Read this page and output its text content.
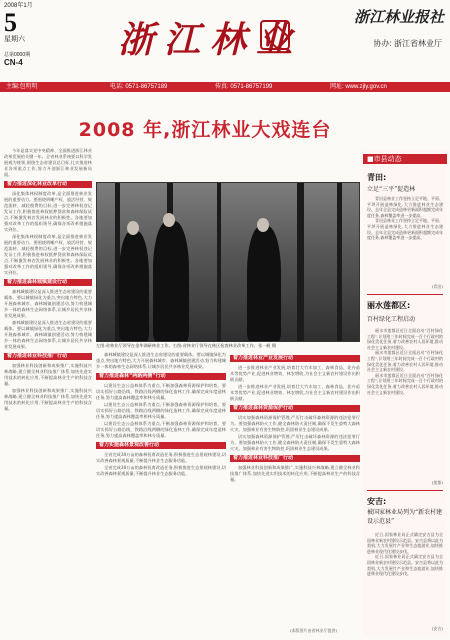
2008年1月
5
星期六
总第0000期
CN-4
浙江林业
浙江林业报社
协办: 浙江省林业厅
主编:包明明	电话: 0571-86757189	传真: 0571-86757199	网址: www.zjly.gov.cn
2008 年,浙江林业大戏连台

今年是落实党中央精神、全面推进浙江林业改革发展的关键一年。全省林业系统要以科学发展观为统领,围绕生态省建设总目标,扎实推进林业各项重点工作,努力开创浙江林业发展新局面。

着力推进深化林业改革行动

深化集体林权制度改革,是全面推进林业发展的重要动力。要围绕明晰产权、放活经营、规范流转、减轻税费的目标,进一步完善林权登记发证工作,积极推进林权抵押贷款和森林保险试点,不断激发林农发展林业的积极性。各地要加强对改革工作的组织领导,确保各项改革措施落实到位。

深化集体林权制度改革,是全面推进林业发展的重要动力。要围绕明晰产权、放活经营、规范流转、减轻税费的目标,进一步完善林权登记发证工作,积极推进林权抵押贷款和森林保险试点,不断激发林农发展林业的积极性。各地要加强对改革工作的组织领导,确保各项改革措施落实到位。

着力推进森林城镇建设行动

森林城镇建设是深入推进生态省建设的重要载体。要以城镇绿化为重点,突出地方特色,大力开展森林城市、森林城镇创建活动,努力构建城乡一体的森林生态网络体系,让城乡居民共享林业发展成果。

森林城镇建设是深入推进生态省建设的重要载体。要以城镇绿化为重点,突出地方特色,大力开展森林城市、森林城镇创建活动,努力构建城乡一体的森林生态网络体系,让城乡居民共享林业发展成果。

着力推进林业科技推广行动

加强林业科技创新和成果推广,实施科技兴林战略,建立健全林业科技推广体系,加快先进实用技术的转化应用,不断提高林业生产的科技含量。

加强林业科技创新和成果推广,实施科技兴林战略,建立健全林业科技推广体系,加快先进实用技术的转化应用,不断提高林业生产的科技含量。

左图:省林业厅领导在金华调研林业工作。右图:省林业厅领导在林区检查林业改革工作。张一帆 摄

森林城镇建设是深入推进生态省建设的重要载体。要以城镇绿化为重点,突出地方特色,大力开展森林城市、森林城镇创建活动,努力构建城乡一体的森林生态网络体系,让城乡居民共享林业发展成果。

着力推进森林“两路两侧”行动

以建设生态公益林体系为重点,不断加强森林资源保护和培育。要切实抓好公路沿线、铁路沿线两侧的绿化造林工作,确保完成年度造林任务,努力提高森林覆盖率和林分质量。

以建设生态公益林体系为重点,不断加强森林资源保护和培育。要切实抓好公路沿线、铁路沿线两侧的绿化造林工作,确保完成年度造林任务,努力提高森林覆盖率和林分质量。

以建设生态公益林体系为重点,不断加强森林资源保护和培育。要切实抓好公路沿线、铁路沿线两侧的绿化造林工作,确保完成年度造林任务,努力提高森林覆盖率和林分质量。

着力实施森林景观改善行动

全省完成38万亩的森林抚育改造任务,积极推进生态景观林建设,切实改善森林景观质量,不断提升林业生态服务功能。

全省完成38万亩的森林抚育改造任务,积极推进生态景观林建设,切实改善森林景观质量,不断提升林业生态服务功能。

着力推进林业产业发展行动

进一步推进林业产业发展,培育壮大竹木加工、森林食品、花卉苗木等优势产业,促进林业增效、林农增收,为社会主义新农村建设作出积极贡献。

进一步推进林业产业发展,培育壮大竹木加工、森林食品、花卉苗木等优势产业,促进林业增效、林农增收,为社会主义新农村建设作出积极贡献。

着力推进森林资源保护行动

切实加强森林资源保护管理,严厉打击破坏森林资源的违法犯罪行为。要加强森林防火工作,健全森林防火责任制,确保不发生重特大森林火灾。加强林业有害生物防控,巩固林业生态建设成果。

切实加强森林资源保护管理,严厉打击破坏森林资源的违法犯罪行为。要加强森林防火工作,健全森林防火责任制,确保不发生重特大森林火灾。加强林业有害生物防控,巩固林业生态建设成果。

着力推进林业科技推广行动

加强林业科技创新和成果推广,实施科技兴林战略,建立健全林业科技推广体系,加快先进实用技术的转化应用,不断提高林业生产的科技含量。

(本版图片由省林业厅提供)
■市县动态
青田:
立足“三平”促造林

青田县林业工作坚持立足平地、平原、平坝开展造林绿化,大力推进林业生态建设。去年全县完成造林更新面积超额完成年度任务,森林覆盖率进一步提高。

青田县林业工作坚持立足平地、平原、平坝开展造林绿化,大力推进林业生态建设。去年全县完成造林更新面积超额完成年度任务,森林覆盖率进一步提高。

(青田)
丽水莲都区:
百村绿化工程启动

丽水市莲都区近日全面启动“百村绿化工程”,计划用三年时间完成一百个行政村的绿化美化任务,着力改善农村人居环境,推动社会主义新农村建设。

丽水市莲都区近日全面启动“百村绿化工程”,计划用三年时间完成一百个行政村的绿化美化任务,着力改善农村人居环境,推动社会主义新农村建设。

丽水市莲都区近日全面启动“百村绿化工程”,计划用三年时间完成一百个行政村的绿化美化任务,着力改善农村人居环境,推动社会主义新农村建设。

(莲都)
安吉:
被国家林业局列为“新农村建设示范县”

近日,国家林业局正式确定安吉县为全国林业新农村建设示范县。安吉县将以此为契机,大力发展竹产业和生态旅游业,加快推进林业现代化建设步伐。

近日,国家林业局正式确定安吉县为全国林业新农村建设示范县。安吉县将以此为契机,大力发展竹产业和生态旅游业,加快推进林业现代化建设步伐。

(安吉)
